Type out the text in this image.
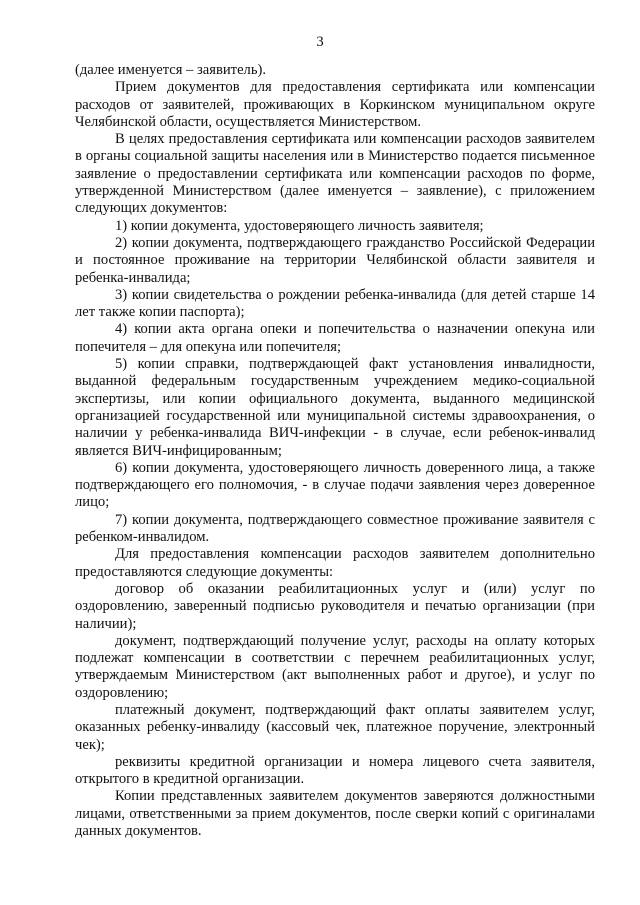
3

(далее именуется – заявитель).

Прием документов для предоставления сертификата или компенсации расходов от заявителей, проживающих в Коркинском муниципальном округе Челябинской области, осуществляется Министерством.

В целях предоставления сертификата или компенсации расходов заявителем в органы социальной защиты населения или в Министерство подается письменное заявление о предоставлении сертификата или компенсации расходов по форме, утвержденной Министерством (далее именуется – заявление), с приложением следующих документов:

1) копии документа, удостоверяющего личность заявителя;

2) копии документа, подтверждающего гражданство Российской Федерации и постоянное проживание на территории Челябинской области заявителя и ребенка-инвалида;

3) копии свидетельства о рождении ребенка-инвалида (для детей старше 14 лет также копии паспорта);

4) копии акта органа опеки и попечительства о назначении опекуна или попечителя – для опекуна или попечителя;

5) копии справки, подтверждающей факт установления инвалидности, выданной федеральным государственным учреждением медико-социальной экспертизы, или копии официального документа, выданного медицинской организацией государственной или муниципальной системы здравоохранения, о наличии у ребенка-инвалида ВИЧ-инфекции - в случае, если ребенок-инвалид является ВИЧ-инфицированным;

6) копии документа, удостоверяющего личность доверенного лица, а также подтверждающего его полномочия, - в случае подачи заявления через доверенное лицо;

7) копии документа, подтверждающего совместное проживание заявителя с ребенком-инвалидом.

Для предоставления компенсации расходов заявителем дополнительно предоставляются следующие документы:

договор об оказании реабилитационных услуг и (или) услуг по оздоровлению, заверенный подписью руководителя и печатью организации (при наличии);

документ, подтверждающий получение услуг, расходы на оплату которых подлежат компенсации в соответствии с перечнем реабилитационных услуг, утверждаемым Министерством (акт выполненных работ и другое), и услуг по оздоровлению;

платежный документ, подтверждающий факт оплаты заявителем услуг, оказанных ребенку-инвалиду (кассовый чек, платежное поручение, электронный чек);

реквизиты кредитной организации и номера лицевого счета заявителя, открытого в кредитной организации.

Копии представленных заявителем документов заверяются должностными лицами, ответственными за прием документов, после сверки копий с оригиналами данных документов.
